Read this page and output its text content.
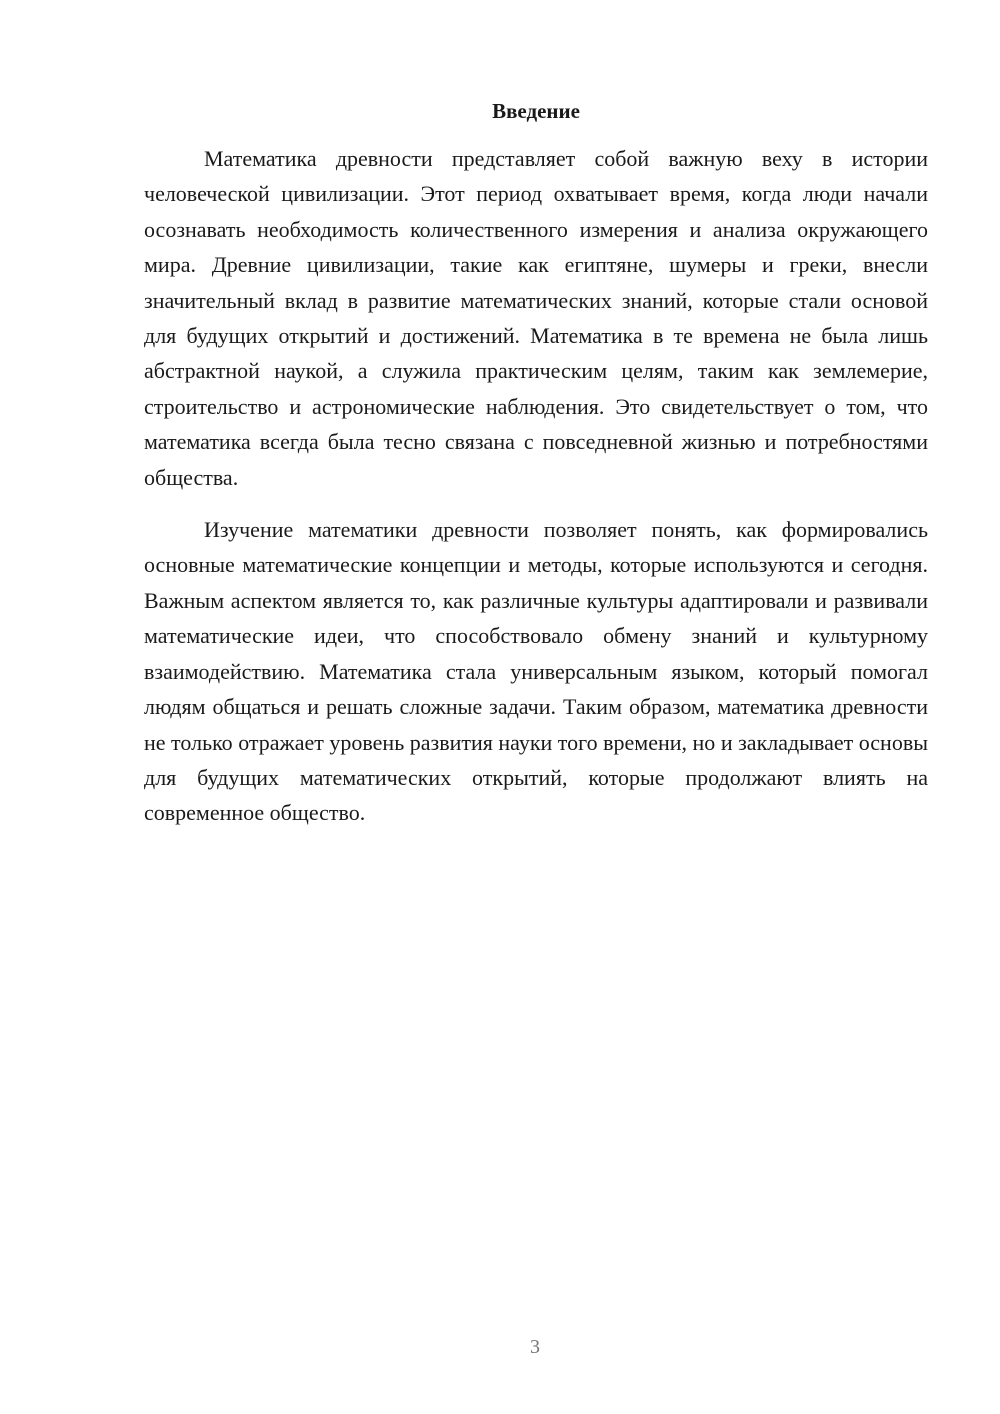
Введение

Математика древности представляет собой важную веху в истории человеческой цивилизации. Этот период охватывает время, когда люди начали осознавать необходимость количественного измерения и анализа окружающего мира. Древние цивилизации, такие как египтяне, шумеры и греки, внесли значительный вклад в развитие математических знаний, которые стали основой для будущих открытий и достижений. Математика в те времена не была лишь абстрактной наукой, а служила практическим целям, таким как землемерие, строительство и астрономические наблюдения. Это свидетельствует о том, что математика всегда была тесно связана с повседневной жизнью и потребностями общества.

Изучение математики древности позволяет понять, как формировались основные математические концепции и методы, которые используются и сегодня. Важным аспектом является то, как различные культуры адаптировали и развивали математические идеи, что способствовало обмену знаний и культурному взаимодействию. Математика стала универсальным языком, который помогал людям общаться и решать сложные задачи. Таким образом, математика древности не только отражает уровень развития науки того времени, но и закладывает основы для будущих математических открытий, которые продолжают влиять на современное общество.

3
